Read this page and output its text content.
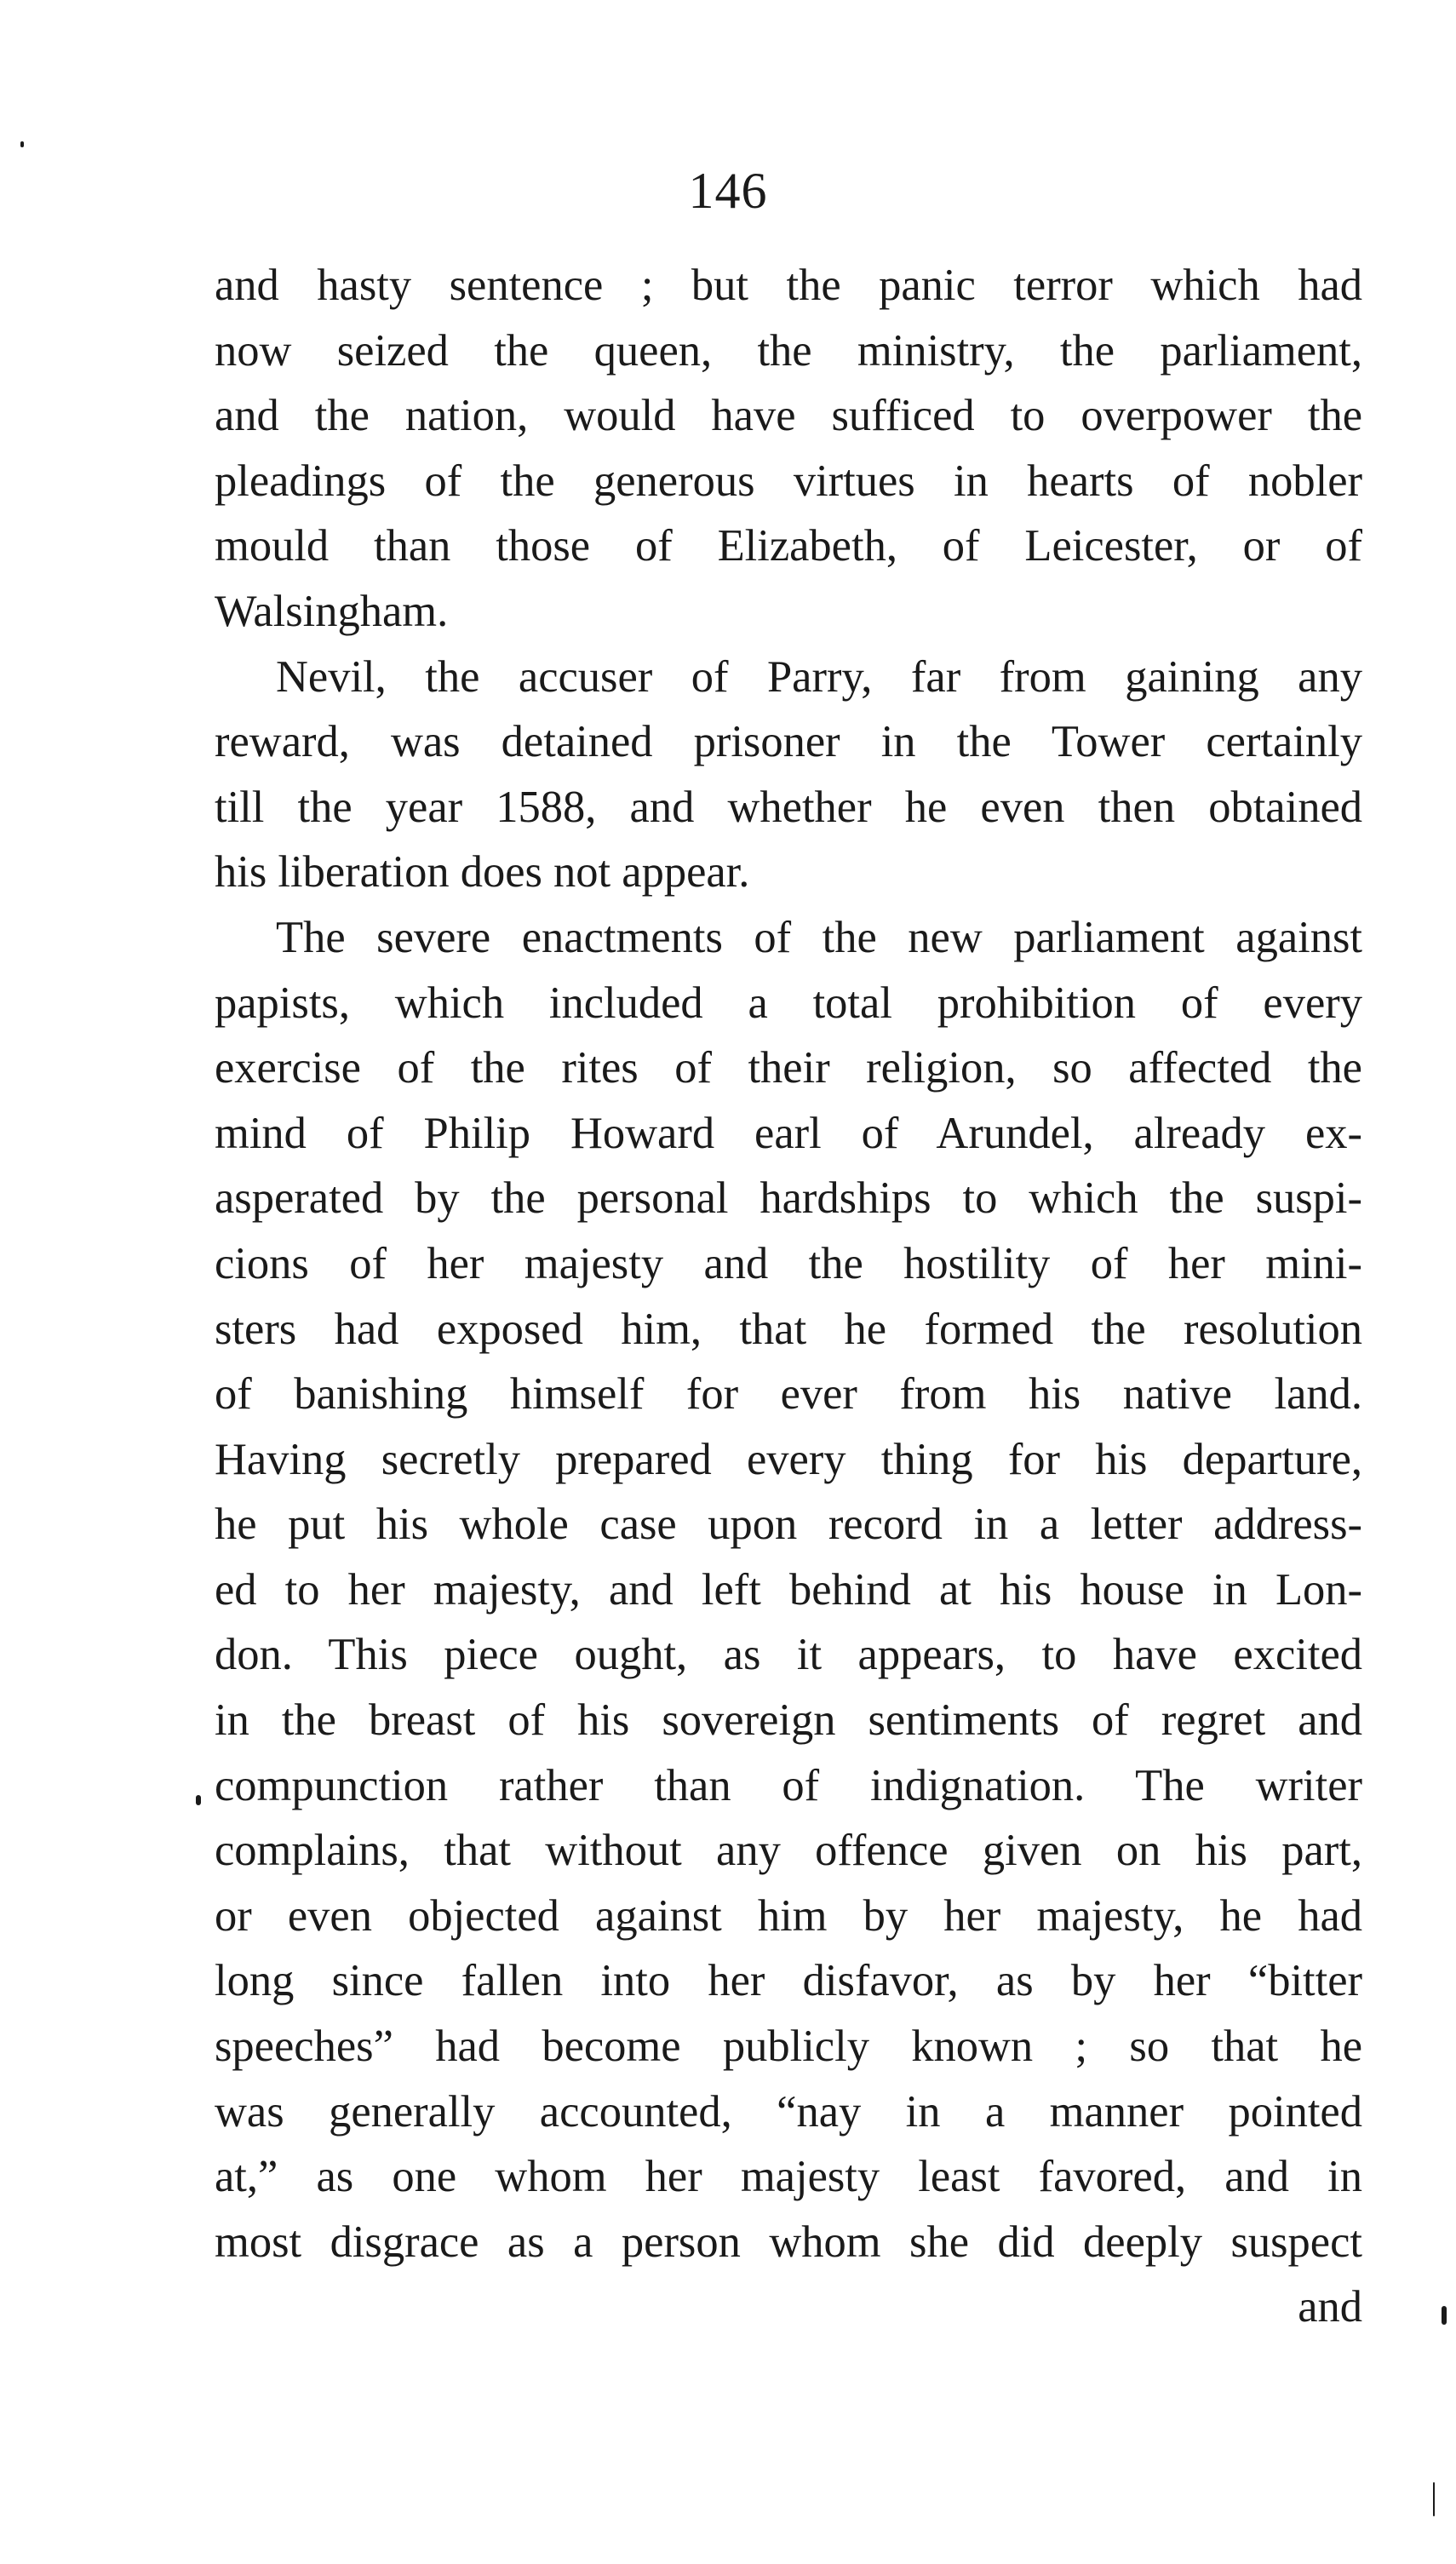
146
and hasty sentence ; but the panic terror which had
now seized the queen, the ministry, the parliament,
and the nation, would have sufficed to overpower the
pleadings of the generous virtues in hearts of nobler
mould than those of Elizabeth, of Leicester, or of
Walsingham.
Nevil, the accuser of Parry, far from gaining any
reward, was detained prisoner in the Tower certainly
till the year 1588, and whether he even then obtained
his liberation does not appear.
The severe enactments of the new parliament against
papists, which included a total prohibition of every
exercise of the rites of their religion, so affected the
mind of Philip Howard earl of Arundel, already ex-
asperated by the personal hardships to which the suspi-
cions of her majesty and the hostility of her mini-
sters had exposed him, that he formed the resolution
of banishing himself for ever from his native land.
Having secretly prepared every thing for his departure,
he put his whole case upon record in a letter address-
ed to her majesty, and left behind at his house in Lon-
don. This piece ought, as it appears, to have excited
in the breast of his sovereign sentiments of regret and
compunction rather than of indignation. The writer
complains, that without any offence given on his part,
or even objected against him by her majesty, he had
long since fallen into her disfavor, as by her “bitter
speeches” had become publicly known ; so that he
was generally accounted, “nay in a manner pointed
at,” as one whom her majesty least favored, and in
most disgrace as a person whom she did deeply suspect
and
